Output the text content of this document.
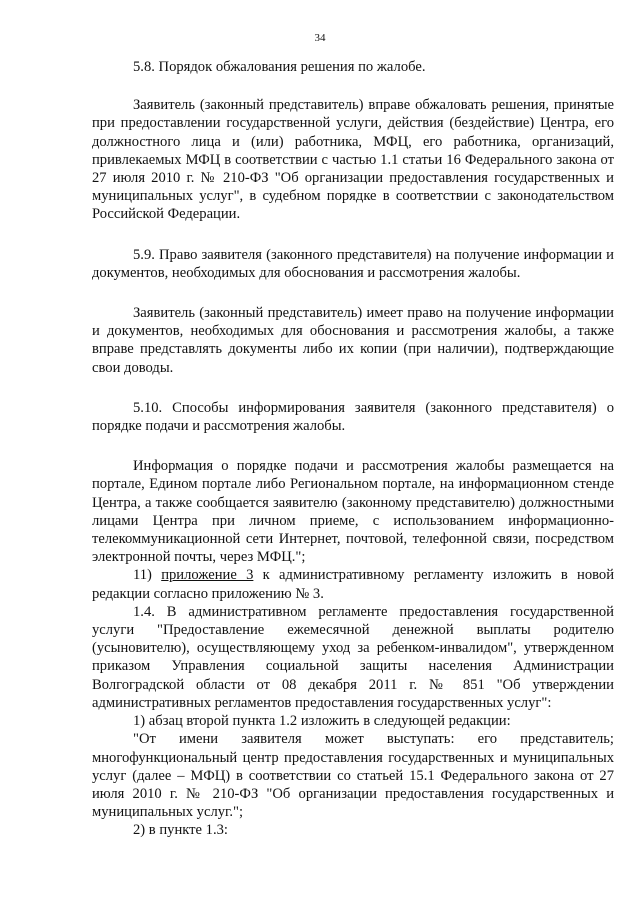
34

5.8. Порядок обжалования решения по жалобе.

Заявитель (законный представитель) вправе обжаловать решения, принятые при предоставлении государственной услуги, действия (бездействие) Центра, его должностного лица и (или) работника, МФЦ, его работника, организаций, привлекаемых МФЦ в соответствии с частью 1.1 статьи 16 Федерального закона от 27 июля 2010 г. № 210-ФЗ "Об организации предоставления государственных и муниципальных услуг", в судебном порядке в соответствии с законодательством Российской Федерации.

5.9. Право заявителя (законного представителя) на получение информации и документов, необходимых для обоснования и рассмотрения жалобы.

Заявитель (законный представитель) имеет право на получение информации и документов, необходимых для обоснования и рассмотрения жалобы, а также вправе представлять документы либо их копии (при наличии), подтверждающие свои доводы.

5.10. Способы информирования заявителя (законного представителя) о порядке подачи и рассмотрения жалобы.

Информация о порядке подачи и рассмотрения жалобы размещается на портале, Едином портале либо Региональном портале, на информационном стенде Центра, а также сообщается заявителю (законному представителю) должностными лицами Центра при личном приеме, с использованием информационно-телекоммуникационной сети Интернет, почтовой, телефонной связи, посредством электронной почты, через МФЦ.";

11) приложение 3 к административному регламенту изложить в новой редакции согласно приложению № 3.

1.4. В административном регламенте предоставления государственной услуги "Предоставление ежемесячной денежной выплаты родителю (усыновителю), осуществляющему уход за ребенком-инвалидом", утвержденном приказом Управления социальной защиты населения Администрации Волгоградской области от 08 декабря 2011 г. № 851 "Об утверждении административных регламентов предоставления государственных услуг":

1) абзац второй пункта 1.2 изложить в следующей редакции:

"От имени заявителя может выступать: его представитель; многофункциональный центр предоставления государственных и муниципальных услуг (далее – МФЦ) в соответствии со статьей 15.1 Федерального закона от 27 июля 2010 г. № 210-ФЗ "Об организации предоставления государственных и муниципальных услуг.";

2) в пункте 1.3:
